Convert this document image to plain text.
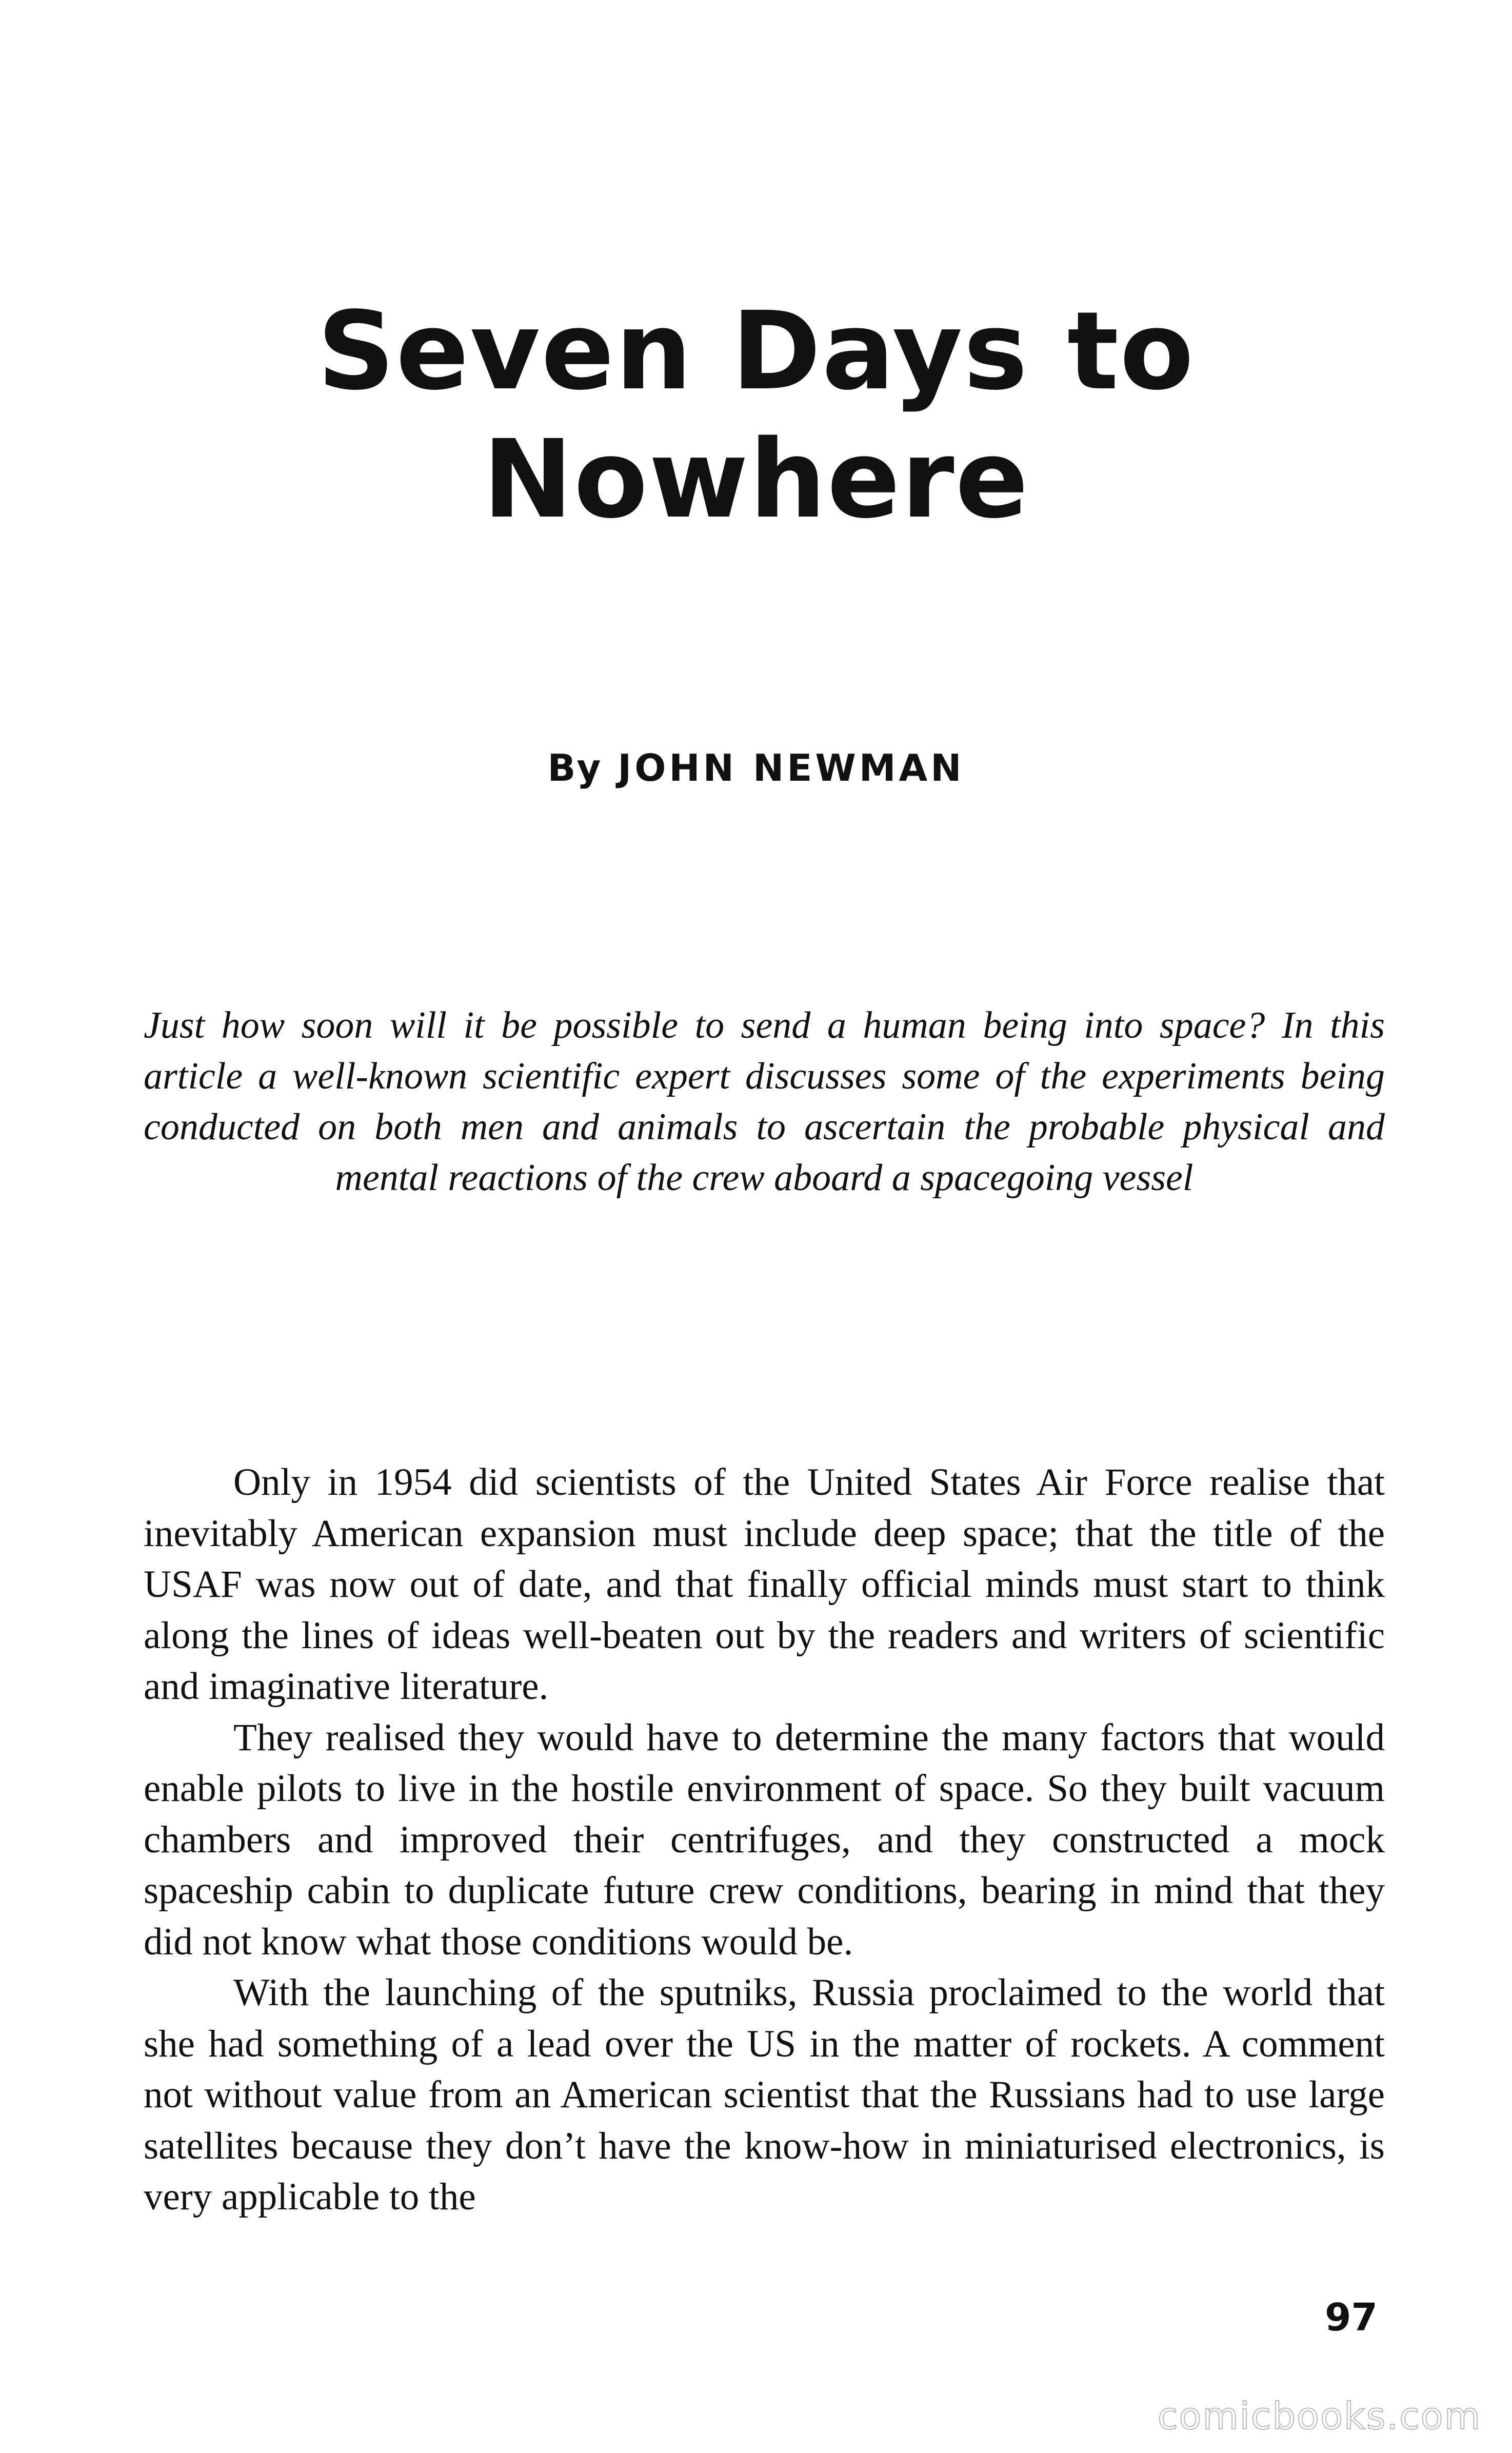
Seven Days to
Nowhere
By JOHN NEWMAN

Just how soon will it be possible to send a human being into space? In this article a well-known scientific expert discusses some of the experiments being conducted on both men and animals to ascertain the probable physical and mental reactions of the crew aboard a spacegoing vessel

Only in 1954 did scientists of the United States Air Force realise that inevitably American expansion must include deep space; that the title of the USAF was now out of date, and that finally official minds must start to think along the lines of ideas well-beaten out by the readers and writers of scientific and imaginative literature.

They realised they would have to determine the many factors that would enable pilots to live in the hostile environment of space. So they built vacuum chambers and improved their centrifuges, and they constructed a mock spaceship cabin to duplicate future crew conditions, bearing in mind that they did not know what those conditions would be.

With the launching of the sputniks, Russia proclaimed to the world that she had something of a lead over the US in the matter of rockets. A comment not without value from an American scientist that the Russians had to use large satellites because they don’t have the know-how in miniaturised electronics, is very applicable to the

97
comicbooks.com
